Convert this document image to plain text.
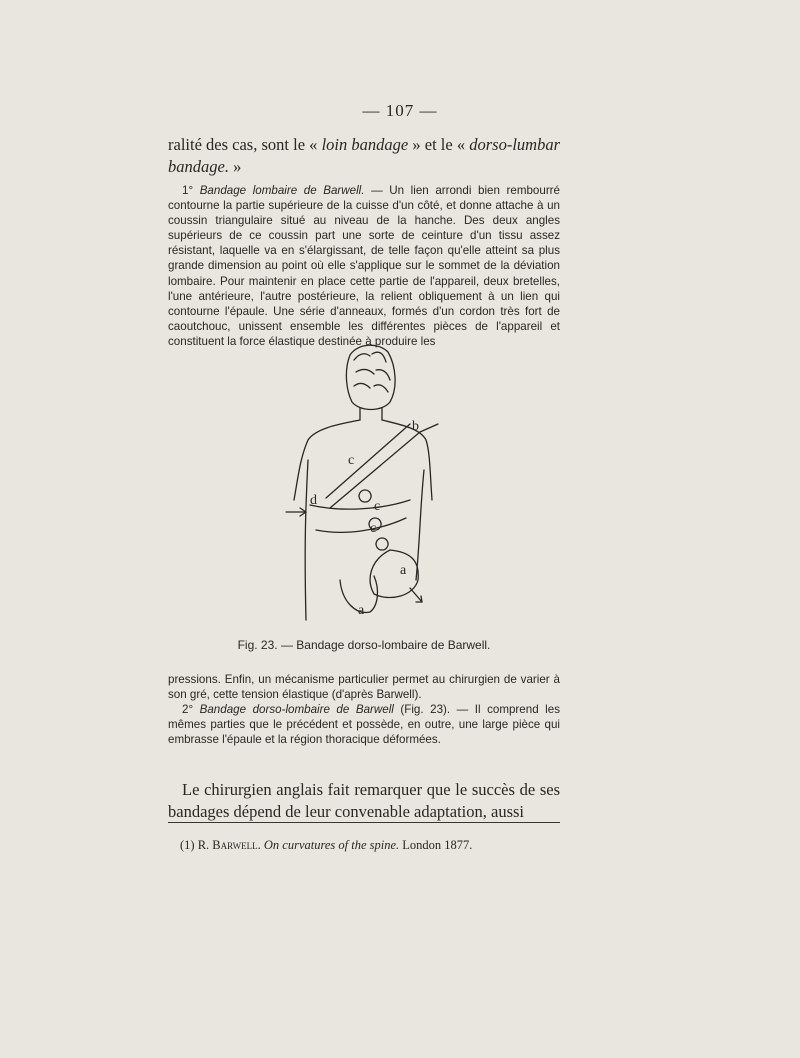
— 107 —
ralité des cas, sont le « loin bandage » et le « dorso-lumbar bandage. »

1° Bandage lombaire de Barwell. — Un lien arrondi bien rembourré contourne la partie supérieure de la cuisse d'un côté, et donne attache à un coussin triangulaire situé au niveau de la hanche. Des deux angles supérieurs de ce coussin part une sorte de ceinture d'un tissu assez résistant, laquelle va en s'élargissant, de telle façon qu'elle atteint sa plus grande dimension au point où elle s'applique sur le sommet de la déviation lombaire. Pour maintenir en place cette partie de l'appareil, deux bretelles, l'une antérieure, l'autre postérieure, la relient obliquement à un lien qui contourne l'épaule. Une série d'anneaux, formés d'un cordon très fort de caoutchouc, unissent ensemble les différentes pièces de l'appareil et constituent la force élastique destinée à produire les

b
c
c
c
d
a
a
Fig. 23. — Bandage dorso-lombaire de Barwell.

pressions. Enfin, un mécanisme particulier permet au chirurgien de varier à son gré, cette tension élastique (d'après Barwell).

2° Bandage dorso-lombaire de Barwell (Fig. 23). — Il comprend les mêmes parties que le précédent et possède, en outre, une large pièce qui embrasse l'épaule et la région thoracique déformées.

Le chirurgien anglais fait remarquer que le succès de ses bandages dépend de leur convenable adaptation, aussi

(1) R. Barwell. On curvatures of the spine. London 1877.
